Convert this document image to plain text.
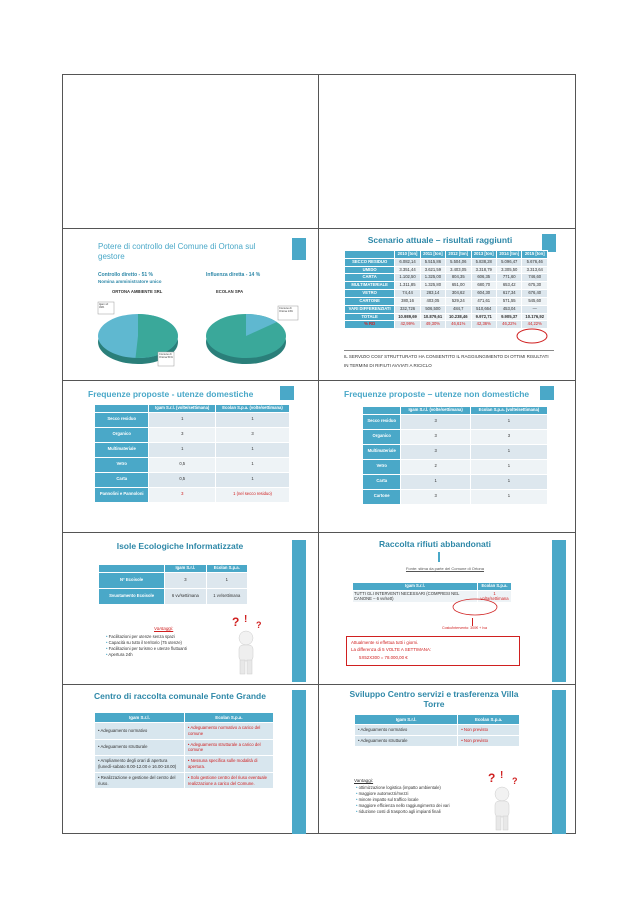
Potere di controllo del Comune di Ortona sul gestore
Controllo diretto - 51 %
Nomina amministratore unico
Influenza diretta - 14 %
ORTONA AMBIENTE SRL	ECOLAN SPA
Igam srl 49%
Comune di Ortona 51%
Comune di Ortona 14%
Scenario attuale – risultati raggiunti
	2010 [ton]	2011 [ton]	2012 [ton]	2013 [ton]	2014 [ton]	2015 [ton]
SECCO RESIDUO	6.082,14	5.515,86	5.504,06	5.838,28	5.096,47	5.676,46
UMIDO	3.351,44	3.621,59	3.403,05	3.318,79	3.305,50	3.313,64
CARTA	1.102,50	1.325,00	804,35	606,35	771,60	746,60
MULTIMATERIALE	1.311,85	1.325,80	651,00	680,70	653,42	675,30
VETRO	74,44	283,14	304,62	604,30	617,34	676,40
CARTONE	380,16	403,05	529,24	471,61	571,55	545,60
VARI DIFFERENZIATI	332,726	506,500	484,7	510,664	453,04	—
TOTALE	10.989,69	10.879,61	10.238,46	9.972,71	9.905,37	10.176,92
% RD	42,99%	49,30%	46,61%	42,36%	46,22%	44,22%
IL SERVIZIO COSI' STRUTTURATO HA CONSENTITO IL RAGGIUNGIMENTO DI OTTIMI RISULTATI IN TERMINI DI RIFIUTI AVVIATI A RICICLO
Frequenze proposte - utenze domestiche
	Igam S.r.l. (volte/settimana)	Ecolan S.p.a. (volte/settimana)
Secco residuo	1	1
Organico	3	3
Multimateriale	1	1
Vetro	0,5	1
Carta	0,5	1
Pannolini e Pannoloni	3	1 (nel secco residuo)
Frequenze proposte – utenze non domestiche
	Igam S.r.l. (volte/settimana)	Ecolan S.p.a. (volte/settimana)
Secco residuo	3	1
Organico	3	3
Multimateriale	3	1
Vetro	2	1
Carta	1	1
Cartone	3	1
Isole Ecologiche Informatizzate
	Igam S.r.l.	Ecolan S.p.a.
N° Ecoisole	3	1
Svuotamento Ecoisole	6 vv/settimana	1 vv/settimana
Vantaggi:
• Facilitazioni per utenze senza spazi
• Capacità su tutto il territorio (75 utenze)
• Facilitazioni per turismo e utenze fluttuanti
• Apertura 24h
? ! ?
Raccolta rifiuti abbandonati
Fonte: stima da parte del Comune di Ortona
Igam S.r.l.	Ecolan S.p.a.
TUTTI GLI INTERVENTI NECESSARI (COMPRESI NEL CANONE – 6 vv/sett)	1 volta/settimana
Costo/intervento: 300€ + Iva
Attualmente si effettua tutti i giorni.
La differenza di 5 VOLTE A SETTIMANA:
5X52X300 = 78.000,00 €
Centro di raccolta comunale Fonte Grande
Igam S.r.l.	Ecolan S.p.a.
• Adeguamento normativo	• Adeguamento normativo a carico del comune
• Adeguamento strutturale	• Adeguamento strutturale a carico del comune
• Ampliamento degli orari di apertura (lunedì-sabato 8.00-12.00 e 16.00-18.00)	• Nessuna specifica sulle modalità di apertura.
• Realizzazione e gestione del centro del riuso.	• Solo gestione centro del riuso eventuale realizzazione a carico del Comune.
Sviluppo Centro servizi e trasferenza Villa Torre
Igam S.r.l.	Ecolan S.p.a.
• Adeguamento normativo	• Non previsto
• Adeguamento strutturale	• Non previsto
Vantaggi:
• ottimizzazione logistica (impatto ambientale)
• maggiore automezzi/mezzi
• minore impatto sul traffico locale
• maggiore efficienza nello raggiungimento dei vari
• riduzione costi di trasporto agli impianti finali
? ! ?
